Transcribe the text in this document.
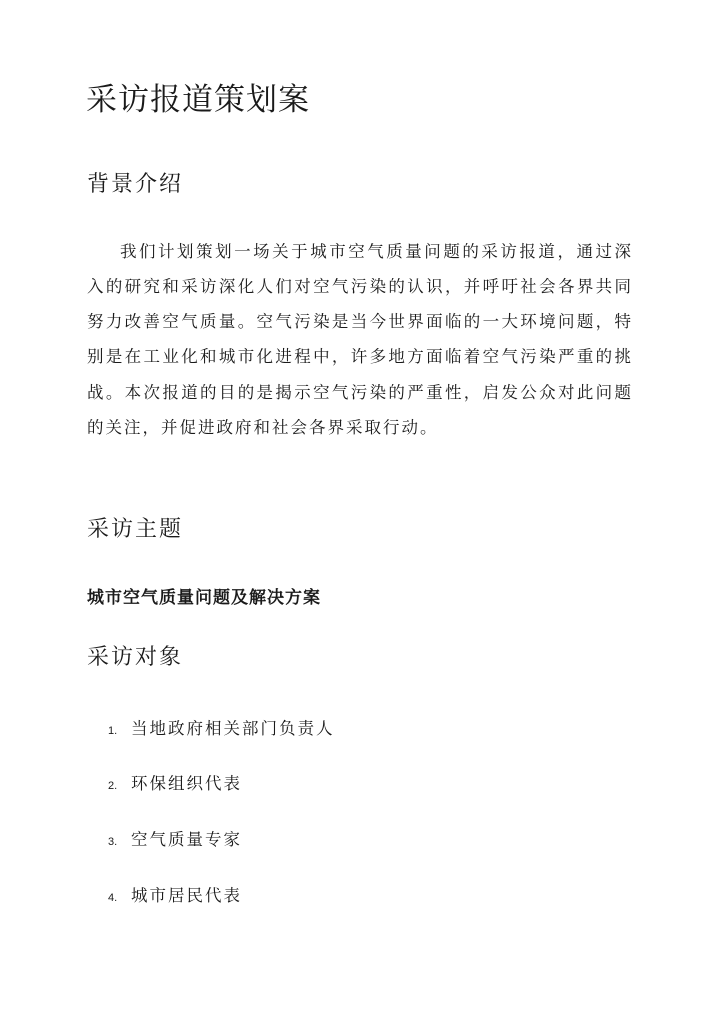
采访报道策划案
背景介绍

我们计划策划一场关于城市空气质量问题的采访报道，通过深入的研究和采访深化人们对空气污染的认识，并呼吁社会各界共同努力改善空气质量。空气污染是当今世界面临的一大环境问题，特别是在工业化和城市化进程中，许多地方面临着空气污染严重的挑战。本次报道的目的是揭示空气污染的严重性，启发公众对此问题的关注，并促进政府和社会各界采取行动。

采访主题

城市空气质量问题及解决方案

采访对象
1. 当地政府相关部门负责人
2. 环保组织代表
3. 空气质量专家
4. 城市居民代表
